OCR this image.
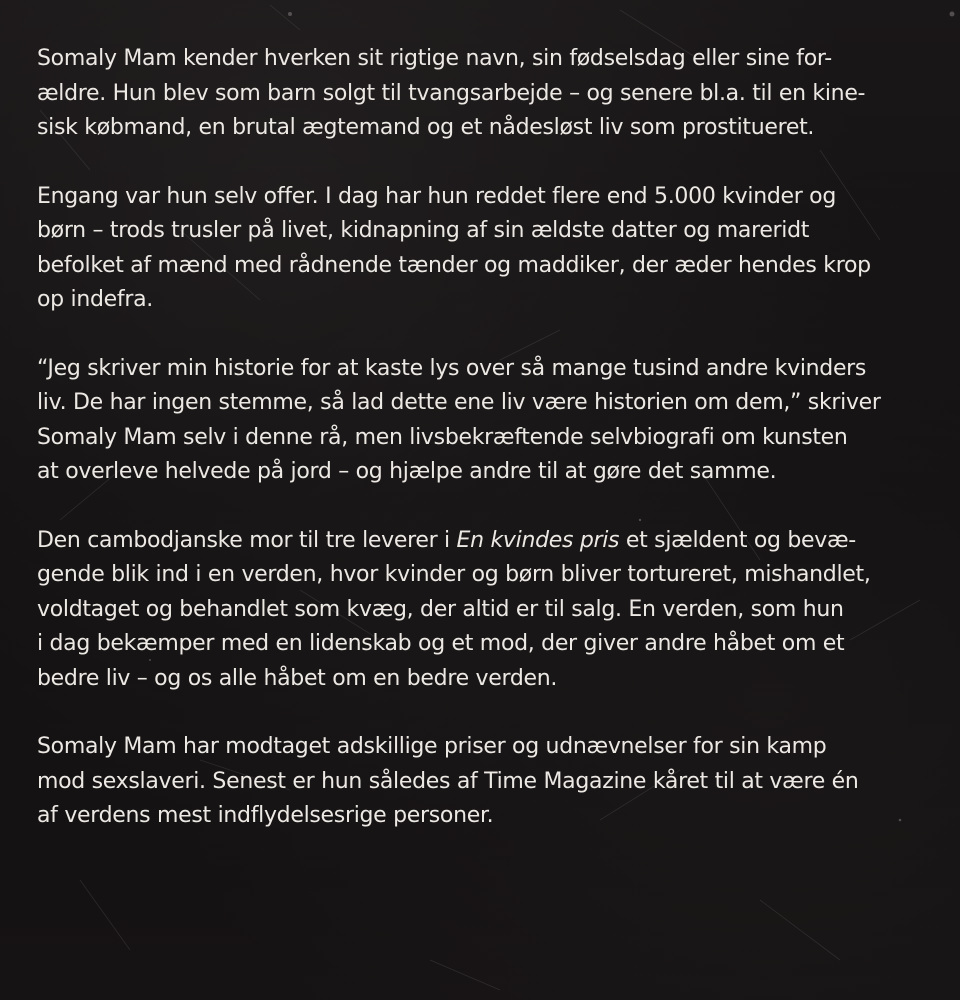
Somaly Mam kender hverken sit rigtige navn, sin fødselsdag eller sine for-
ældre. Hun blev som barn solgt til tvangsarbejde – og senere bl.a. til en kine-
sisk købmand, en brutal ægtemand og et nådesløst liv som prostitueret.
Engang var hun selv offer. I dag har hun reddet flere end 5.000 kvinder og
børn – trods trusler på livet, kidnapning af sin ældste datter og mareridt
befolket af mænd med rådnende tænder og maddiker, der æder hendes krop
op indefra.
“Jeg skriver min historie for at kaste lys over så mange tusind andre kvinders
liv. De har ingen stemme, så lad dette ene liv være historien om dem,” skriver
Somaly Mam selv i denne rå, men livsbekræftende selvbiografi om kunsten
at overleve helvede på jord – og hjælpe andre til at gøre det samme.
Den cambodjanske mor til tre leverer i En kvindes pris et sjældent og bevæ-
gende blik ind i en verden, hvor kvinder og børn bliver tortureret, mishandlet,
voldtaget og behandlet som kvæg, der altid er til salg. En verden, som hun
i dag bekæmper med en lidenskab og et mod, der giver andre håbet om et
bedre liv – og os alle håbet om en bedre verden.
Somaly Mam har modtaget adskillige priser og udnævnelser for sin kamp
mod sexslaveri. Senest er hun således af Time Magazine kåret til at være én
af verdens mest indflydelsesrige personer.
